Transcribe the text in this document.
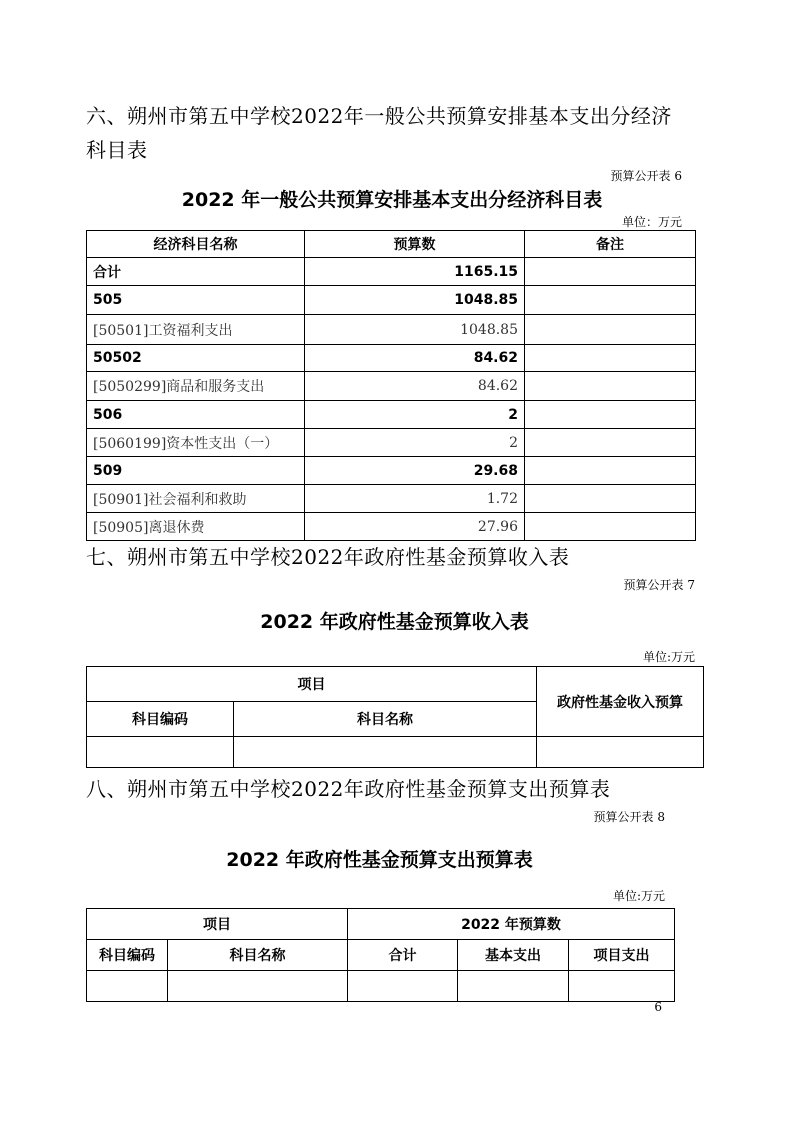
六、朔州市第五中学校2022年一般公共预算安排基本支出分经济
科目表
预算公开表 6
2022 年一般公共预算安排基本支出分经济科目表
单位：万元
经济科目名称	预算数	备注
合计	1165.15	
505	1048.85	
[50501]工资福利支出	1048.85	
50502	84.62	
[5050299]商品和服务支出	84.62	
506	2	
[5060199]资本性支出（一）	2	
509	29.68	
[50901]社会福利和救助	1.72	
[50905]离退休费	27.96	
七、朔州市第五中学校2022年政府性基金预算收入表
预算公开表 7
2022 年政府性基金预算收入表
单位:万元
项目		政府性基金收入预算
科目编码	科目名称	

八、朔州市第五中学校2022年政府性基金预算支出预算表
预算公开表 8
2022 年政府性基金预算支出预算表
单位:万元
项目		2022 年预算数		
科目编码	科目名称	合计	基本支出	项目支出

6
